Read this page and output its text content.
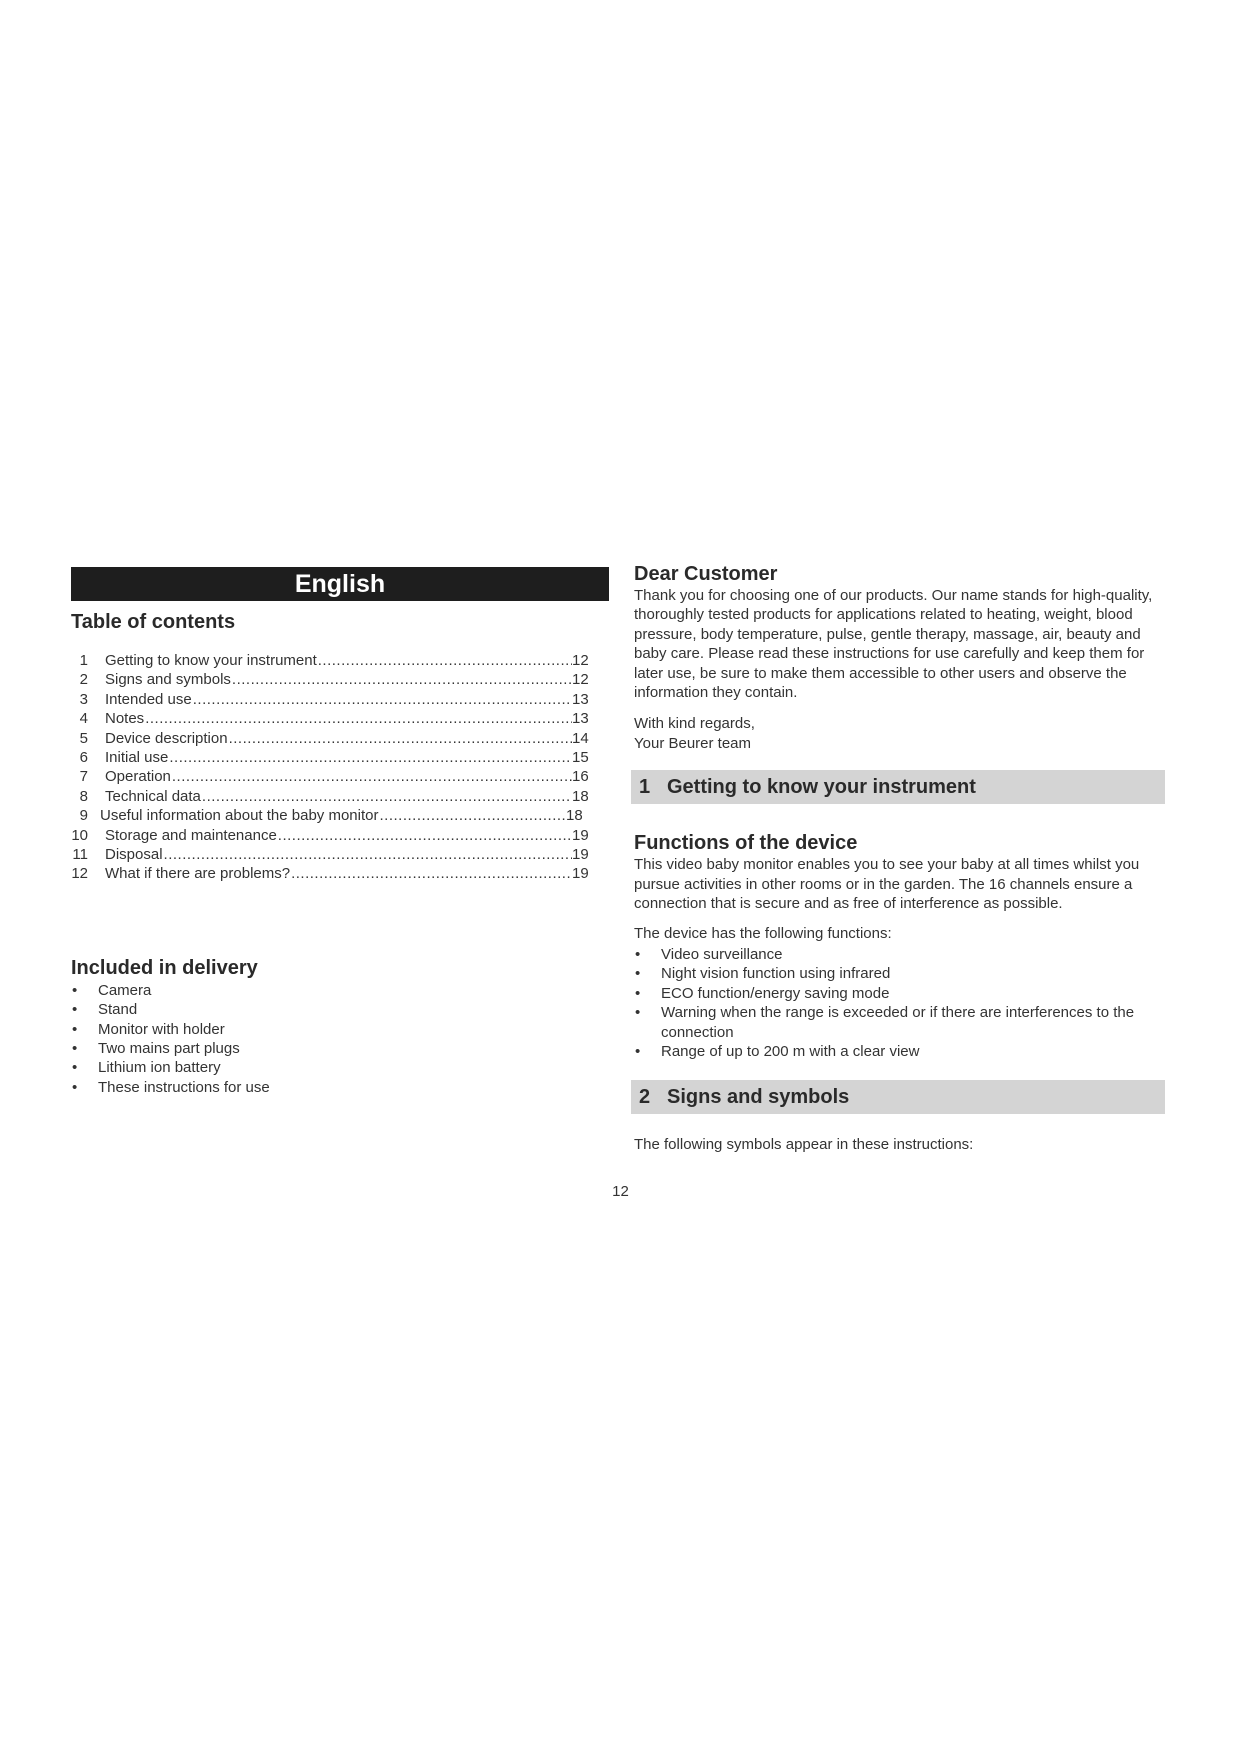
English
Table of contents
1	Getting to know your instrument .....	12
2	Signs and symbols .....	12
3	Intended use .....	13
4	Notes .....	13
5	Device description .....	14
6	Initial use .....	15
7	Operation .....	16
8	Technical data .....	18
9 Useful information about the baby monitor .....	18
10	Storage and maintenance .....	19
11	Disposal .....	19
12	What if there are problems? .....	19
Included in delivery
• Camera
• Stand
• Monitor with holder
• Two mains part plugs
• Lithium ion battery
• These instructions for use
Dear Customer

Thank you for choosing one of our products. Our name stands for high-quality, thoroughly tested products for applications related to heating, weight, blood pressure, body temperature, pulse, gentle therapy, massage, air, beauty and baby care. Please read these instructions for use carefully and keep them for later use, be sure to make them accessible to other users and observe the information they contain.

With kind regards,

Your Beurer team

1 Getting to know your instrument
Functions of the device

This video baby monitor enables you to see your baby at all times whilst you pursue activities in other rooms or in the garden. The 16 channels ensure a connection that is secure and as free of interference as possible.

The device has the following functions:

• Video surveillance
• Night vision function using infrared
• ECO function/energy saving mode
• Warning when the range is exceeded or if there are interferences to the connection
• Range of up to 200 m with a clear view
2 Signs and symbols

The following symbols appear in these instructions:

12
